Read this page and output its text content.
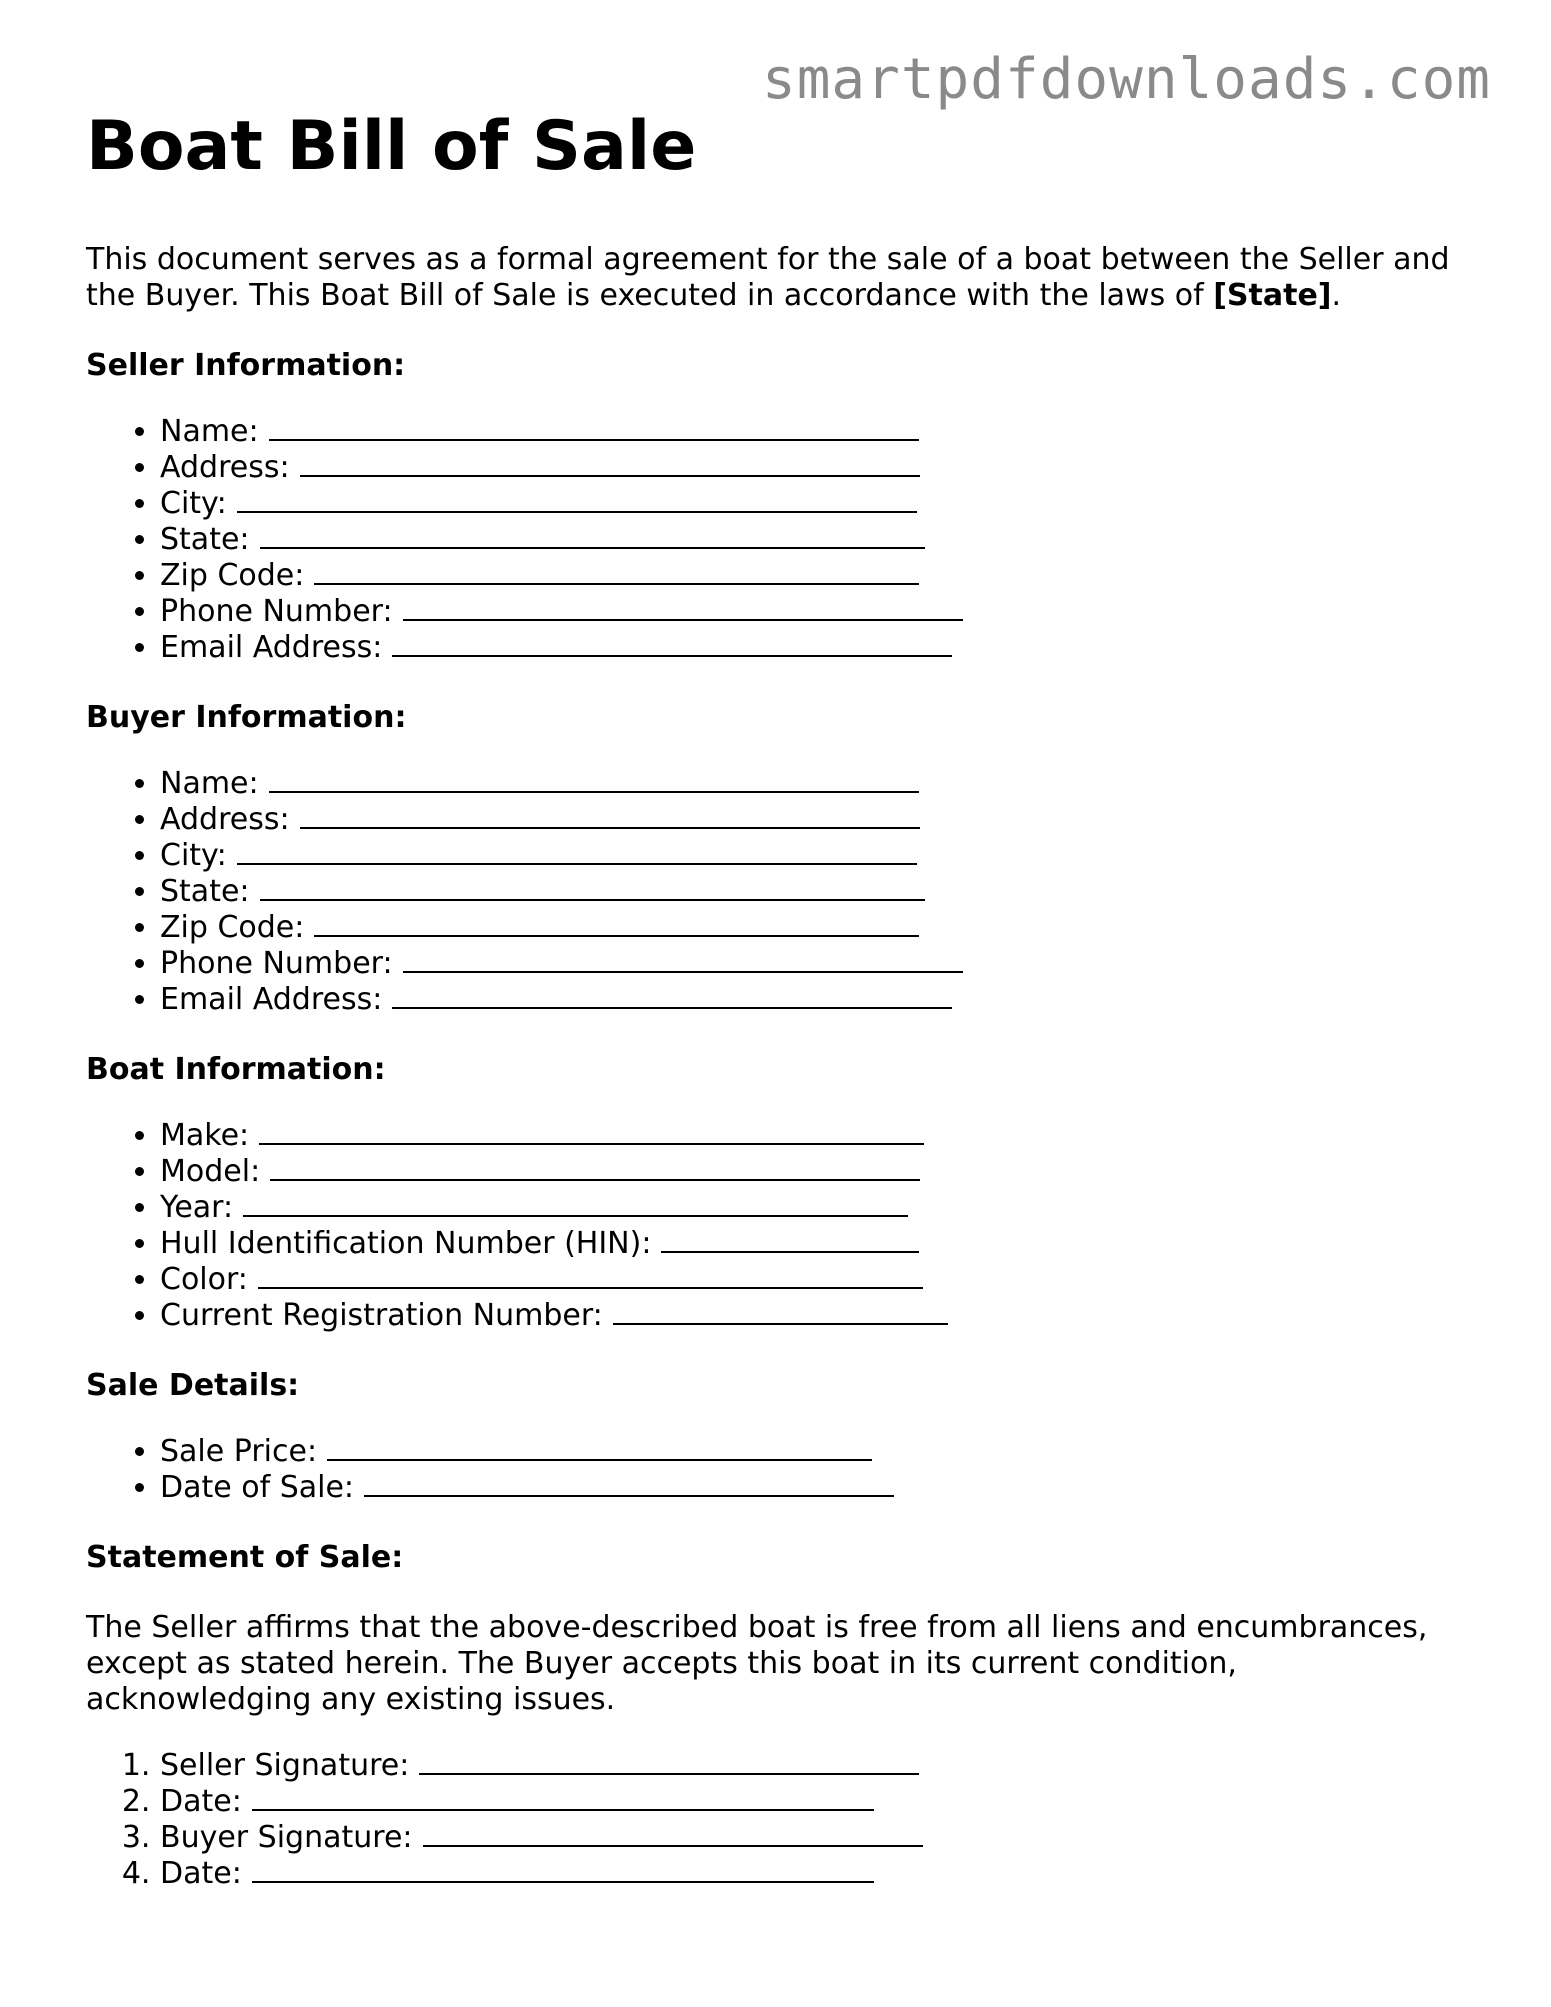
smartpdfdownloads.com
Boat Bill of Sale

This document serves as a formal agreement for the sale of a boat between the Seller and the Buyer. This Boat Bill of Sale is executed in accordance with the laws of [State].

Seller Information:
• Name:
• Address:
• City:
• State:
• Zip Code:
• Phone Number:
• Email Address:
Buyer Information:
• Name:
• Address:
• City:
• State:
• Zip Code:
• Phone Number:
• Email Address:
Boat Information:
• Make:
• Model:
• Year:
• Hull Identification Number (HIN):
• Color:
• Current Registration Number:
Sale Details:
• Sale Price:
• Date of Sale:
Statement of Sale:

The Seller affirms that the above-described boat is free from all liens and encumbrances, except as stated herein. The Buyer accepts this boat in its current condition, acknowledging any existing issues.

1. Seller Signature:
2. Date:
3. Buyer Signature:
4. Date:
